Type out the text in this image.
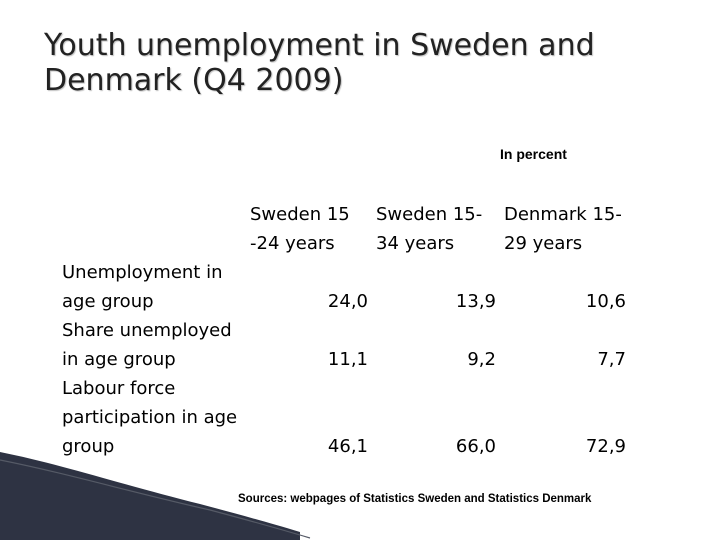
Youth unemployment in Sweden and Denmark (Q4 2009)
In percent
	Sweden 15 -24 years	Sweden 15-34 years	Denmark 15-29 years
Unemployment in age group	24,0	13,9	10,6
Share unemployed in age group	11,1	9,2	7,7
Labour force participation in age group	46,1	66,0	72,9
Sources: webpages of Statistics Sweden and Statistics Denmark
